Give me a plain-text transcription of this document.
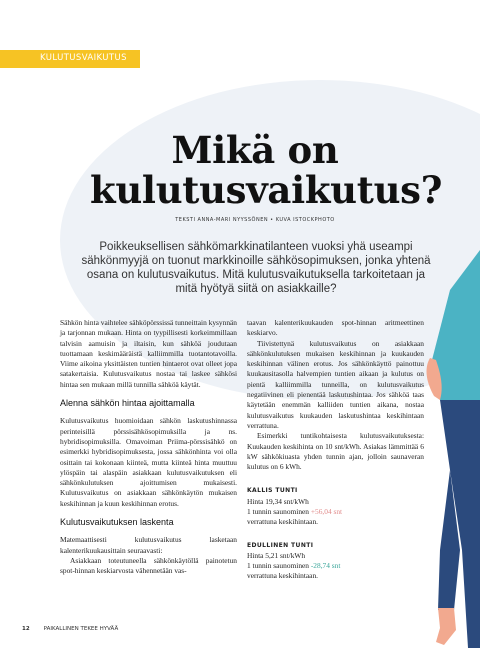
KULUTUSVAIKUTUS
Mikä on
kulutusvaikutus?
TEKSTI ANNA-MARI NYYSSÖNEN • KUVA ISTOCKPHOTO
Poikkeuksellisen sähkömarkkinatilanteen vuoksi yhä useampi sähkönmyyjä on tuonut markkinoille sähkösopimuksen, jonka yhtenä osana on kulutusvaikutus. Mitä kulutusvaikutuksella tarkoitetaan ja mitä hyötyä siitä on asiakkaille?

Sähkön hinta vaihtelee sähköpörssissä tunneittain kysynnän ja tarjonnan mukaan. Hinta on tyypillisesti korkeimmillaan talvisin aamuisin ja iltaisin, kun sähköä joudutaan tuottamaan keskimääräistä kalliimmilla tuotantotavoilla. Viime aikoina yksittäisten tuntien hintaerot ovat olleet jopa satakertaisia. Kulutusvaikutus nostaa tai laskee sähkösi hintaa sen mukaan millä tunnilla sähköä käytät.

Alenna sähkön hintaa ajoittamalla

Kulutusvaikutus huomioidaan sähkön laskutushinnassa perinteisillä pörssisähkösopimuksilla ja ns. hybridisopimuksilla. Omavoiman Priima-pörssisähkö on esimerkki hybridisopimuksesta, jossa sähkönhinta voi olla osittain tai kokonaan kiinteä, mutta kiinteä hinta muuttuu ylöspäin tai alaspäin asiakkaan kulutusvaikutuksen eli sähkönkulutuksen ajoittumisen mukaisesti. Kulutusvaikutus on asiakkaan sähkönkäytön mukaisen keskihinnan ja kuun keskihinnan erotus.

Kulutusvaikutuksen laskenta

Matemaattisesti kulutusvaikutus lasketaan kalenterikuukausittain seuraavasti:

Asiakkaan toteutuneella sähkönkäytöllä painotetun spot-hinnan keskiarvosta vähennetään vas-

taavan kalenterikuukauden spot-hinnan aritmeettinen keskiarvo.

Tiivistettynä kulutusvaikutus on asiakkaan sähkönkulutuksen mukaisen keskihinnan ja kuukauden keskihinnan välinen erotus. Jos sähkönkäyttö painottuu kuukausitasolla halvempien tuntien aikaan ja kulutus on pientä kalliimmilla tunneilla, on kulutusvaikutus negatiivinen eli pienentää laskutushintaa. Jos sähköä taas käytetään enemmän kalliiden tuntien aikana, nostaa kulutusvaikutus kuukauden laskutushintaa keskihintaan verrattuna.

Esimerkki tuntikohtaisesta kulutusvaikutuksesta: Kuukauden keskihinta on 10 snt/kWh. Asiakas lämmittää 6 kW sähkökiuasta yhden tunnin ajan, jolloin saunaveran kulutus on 6 kWh.

KALLIS TUNTI
Hinta 19,34 snt/kWh
1 tunnin saunominen +56,04 snt
verrattuna keskihintaan.
EDULLINEN TUNTI
Hinta 5,21 snt/kWh
1 tunnin saunominen -28,74 snt
verrattuna keskihintaan.
12	PAIKALLINEN TEKEE HYVÄÄ
